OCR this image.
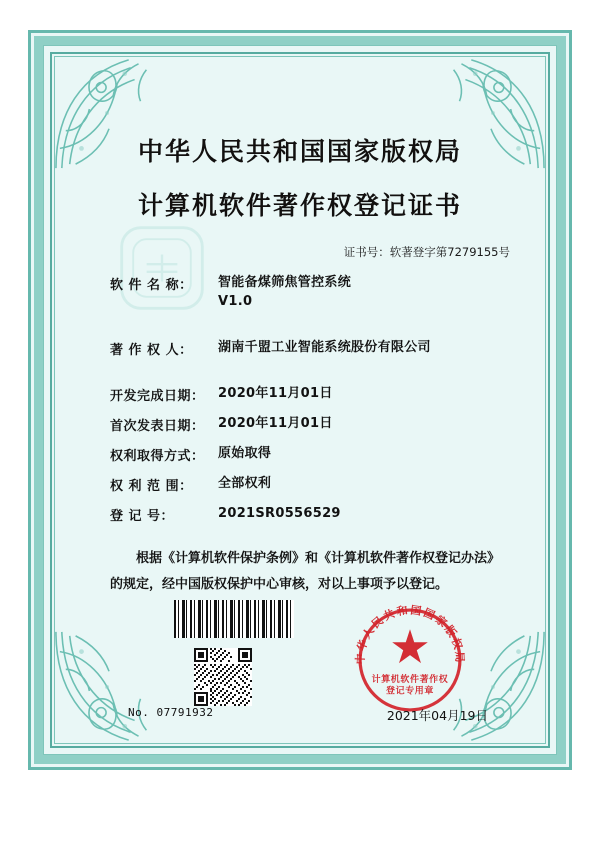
中华人民共和国国家版权局
计算机软件著作权登记证书
证书号：软著登字第7279155号
软 件 名 称：	智能备煤筛焦管控系统
V1.0
著 作 权 人：	湖南千盟工业智能系统股份有限公司
开发完成日期：	2020年11月01日
首次发表日期：	2020年11月01日
权利取得方式：	原始取得
权 利 范 围：	全部权利
登 记 号：	2021SR0556529
根据《计算机软件保护条例》和《计算机软件著作权登记办法》的规定，经中国版权保护中心审核，对以上事项予以登记。
中华人民共和国国家版权局
计算机软件著作权
登记专用章
No. 07791932	2021年04月19日
